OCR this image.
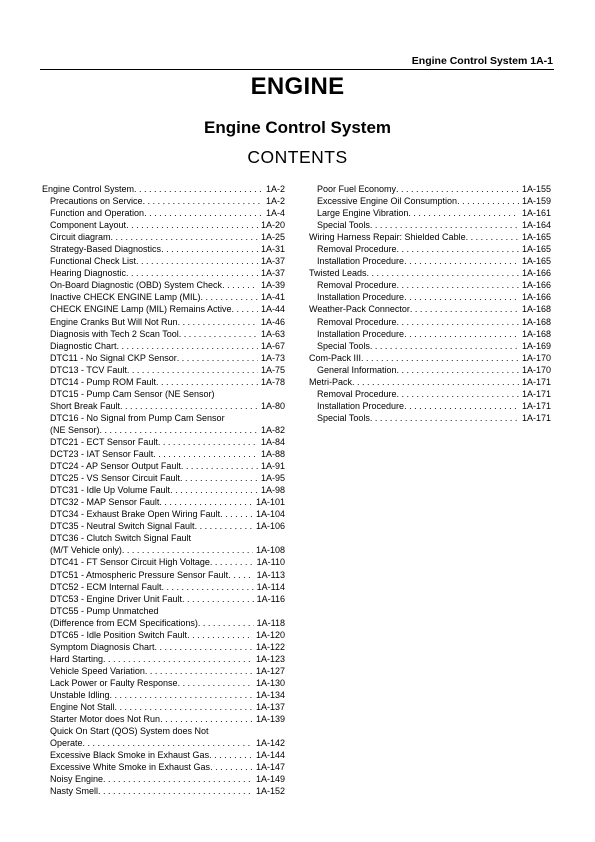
Engine Control System 1A-1
ENGINE
Engine Control System
CONTENTS
Engine Control System . . .	1A-2
Precautions on Service . . .	1A-2
Function and Operation . . .	1A-4
Component Layout . . .	1A-20
Circuit diagram . . .	1A-25
Strategy-Based Diagnostics . . .	1A-31
Functional Check List . . .	1A-37
Hearing Diagnostic . . .	1A-37
On-Board Diagnostic (OBD) System Check . . .	1A-39
Inactive CHECK ENGINE Lamp (MIL) . . .	1A-41
CHECK ENGINE Lamp (MIL) Remains Active . . .	1A-44
Engine Cranks But Will Not Run . . .	1A-46
Diagnosis with Tech 2 Scan Tool . . .	1A-63
Diagnostic Chart . . .	1A-67
DTC11 - No Signal CKP Sensor . . .	1A-73
DTC13 - TCV Fault . . .	1A-75
DTC14 - Pump ROM Fault . . .	1A-78
DTC15 - Pump Cam Sensor (NE Sensor)
Short Break Fault . . .	1A-80
DTC16 - No Signal from Pump Cam Sensor
(NE Sensor) . . .	1A-82
DTC21 - ECT Sensor Fault . . .	1A-84
DCT23 - IAT Sensor Fault . . .	1A-88
DTC24 - AP Sensor Output Fault . . .	1A-91
DTC25 - VS Sensor Circuit Fault . . .	1A-95
DTC31 - Idle Up Volume Fault . . .	1A-98
DTC32 - MAP Sensor Fault . . .	1A-101
DTC34 - Exhaust Brake Open Wiring Fault . . .	1A-104
DTC35 - Neutral Switch Signal Fault . . .	1A-106
DTC36 - Clutch Switch Signal Fault
(M/T Vehicle only) . . .	1A-108
DTC41 - FT Sensor Circuit High Voltage . . .	1A-110
DTC51 - Atmospheric Pressure Sensor Fault . . .	1A-113
DTC52 - ECM Internal Fault . . .	1A-114
DTC53 - Engine Driver Unit Fault . . .	1A-116
DTC55 - Pump Unmatched
(Difference from ECM Specifications) . . .	1A-118
DTC65 - Idle Position Switch Fault . . .	1A-120
Symptom Diagnosis Chart . . .	1A-122
Hard Starting . . .	1A-123
Vehicle Speed Variation . . .	1A-127
Lack Power or Faulty Response . . .	1A-130
Unstable Idling . . .	1A-134
Engine Not Stall . . .	1A-137
Starter Motor does Not Run . . .	1A-139
Quick On Start (QOS) System does Not
Operate . . .	1A-142
Excessive Black Smoke in Exhaust Gas . . .	1A-144
Excessive White Smoke in Exhaust Gas . . .	1A-147
Noisy Engine . . .	1A-149
Nasty Smell . . .	1A-152
Poor Fuel Economy . . .	1A-155
Excessive Engine Oil Consumption . . .	1A-159
Large Engine Vibration . . .	1A-161
Special Tools . . .	1A-164
Wiring Harness Repair: Shielded Cable . . .	1A-165
Removal Procedure . . .	1A-165
Installation Procedure . . .	1A-165
Twisted Leads . . .	1A-166
Removal Procedure . . .	1A-166
Installation Procedure . . .	1A-166
Weather-Pack Connector . . .	1A-168
Removal Procedure . . .	1A-168
Installation Procedure . . .	1A-168
Special Tools . . .	1A-169
Com-Pack III . . .	1A-170
General Information . . .	1A-170
Metri-Pack . . .	1A-171
Removal Procedure . . .	1A-171
Installation Procedure . . .	1A-171
Special Tools . . .	1A-171
